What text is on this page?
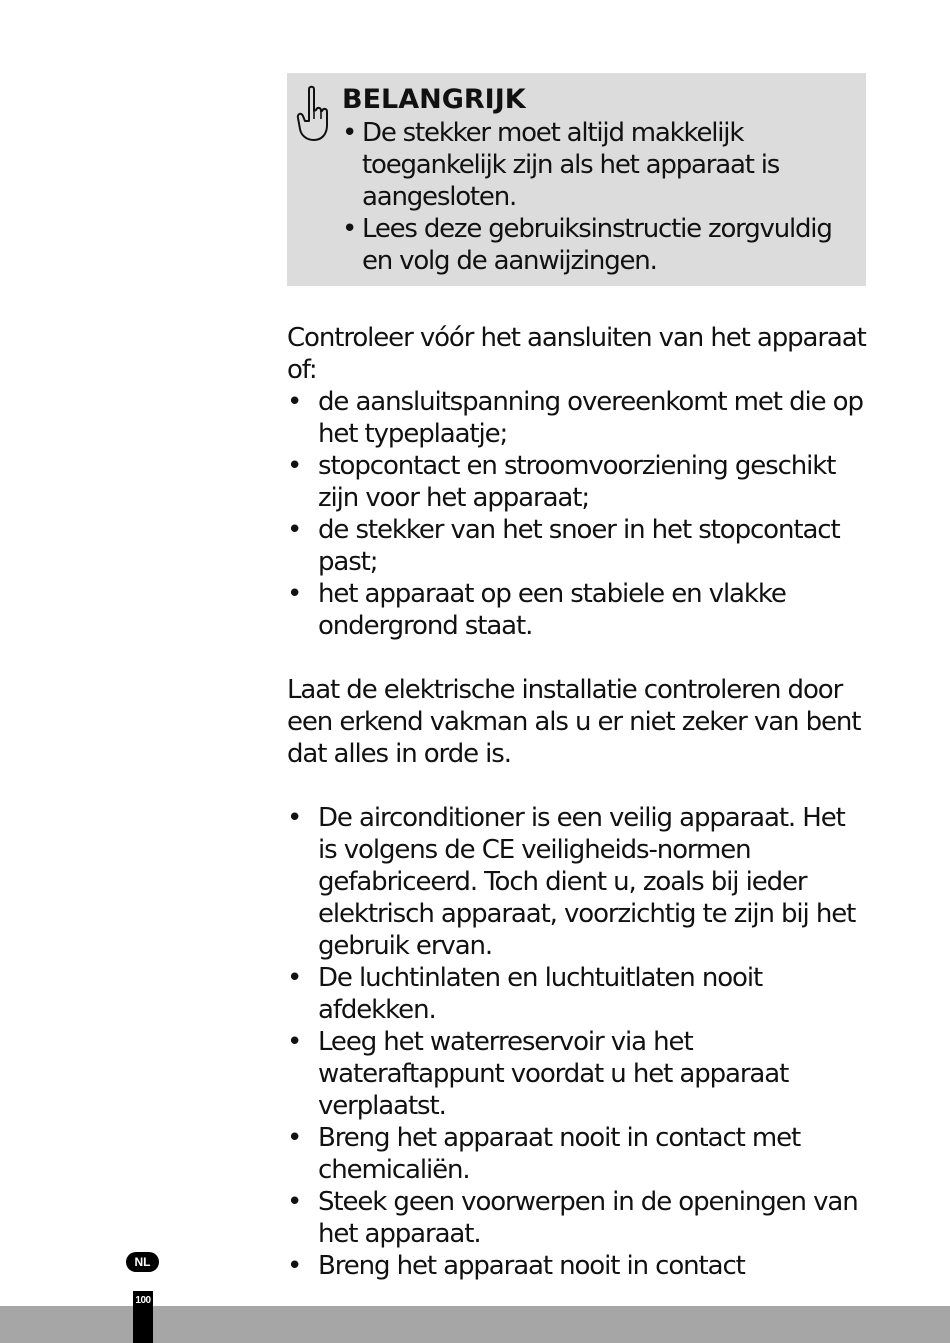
BELANGRIJK
• De stekker moet altijd makkelijk toegankelijk zijn als het apparaat is aangesloten.
• Lees deze gebruiksinstructie zorgvuldig en volg de aanwijzingen.

Controleer vóór het aansluiten van het apparaat of:

• de aansluitspanning overeenkomt met die op het typeplaatje;
• stopcontact en stroomvoorziening geschikt zijn voor het apparaat;
• de stekker van het snoer in het stopcontact past;
• het apparaat op een stabiele en vlakke ondergrond staat.

Laat de elektrische installatie controleren door een erkend vakman als u er niet zeker van bent dat alles in orde is.

• De airconditioner is een veilig apparaat. Het is volgens de CE veiligheids-normen gefabriceerd. Toch dient u, zoals bij ieder elektrisch apparaat, voorzichtig te zijn bij het gebruik ervan.
• De luchtinlaten en luchtuitlaten nooit afdekken.
• Leeg het waterreservoir via het wateraftappunt voordat u het apparaat verplaatst.
• Breng het apparaat nooit in contact met chemicaliën.
• Steek geen voorwerpen in de openingen van het apparaat.
• Breng het apparaat nooit in contact
NL
100
